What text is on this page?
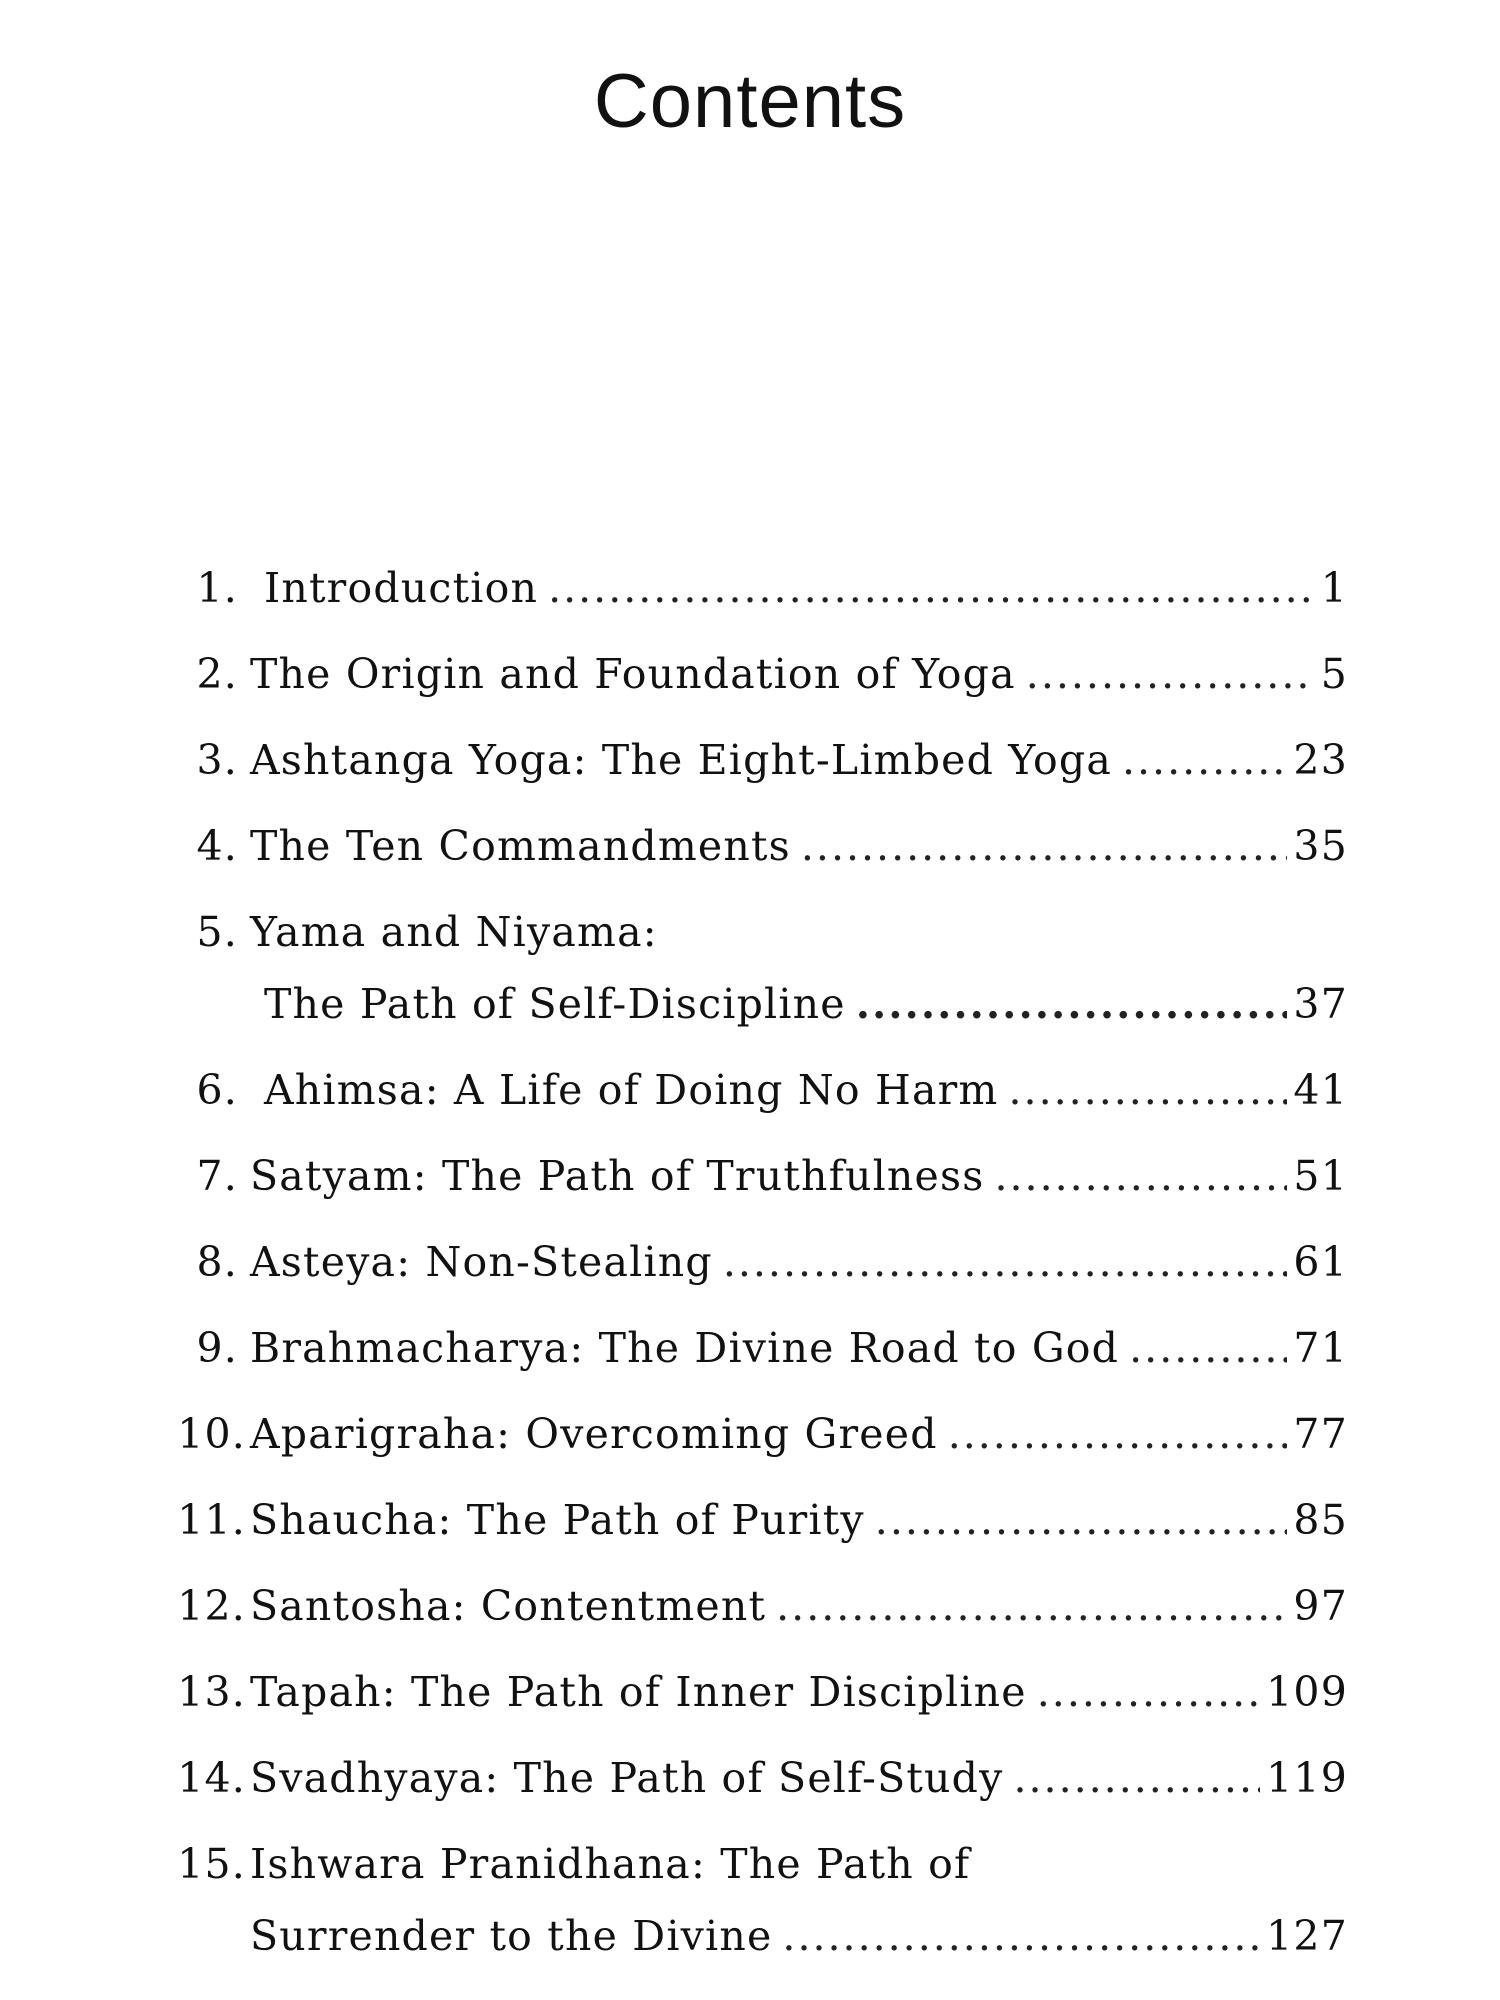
Contents
1. Introduction .....	1
2. The Origin and Foundation of Yoga .....	5
3. Ashtanga Yoga: The Eight-Limbed Yoga .....	23
4. The Ten Commandments .....	35
5. Yama and Niyama:
The Path of Self-Discipline .....	37
6. Ahimsa: A Life of Doing No Harm .....	41
7. Satyam: The Path of Truthfulness .....	51
8. Asteya: Non-Stealing .....	61
9. Brahmacharya: The Divine Road to God .....	71
10. Aparigraha: Overcoming Greed .....	77
11. Shaucha: The Path of Purity .....	85
12. Santosha: Contentment .....	97
13. Tapah: The Path of Inner Discipline .....	109
14. Svadhyaya: The Path of Self-Study .....	119
15. Ishwara Pranidhana: The Path of
Surrender to the Divine .....	127
